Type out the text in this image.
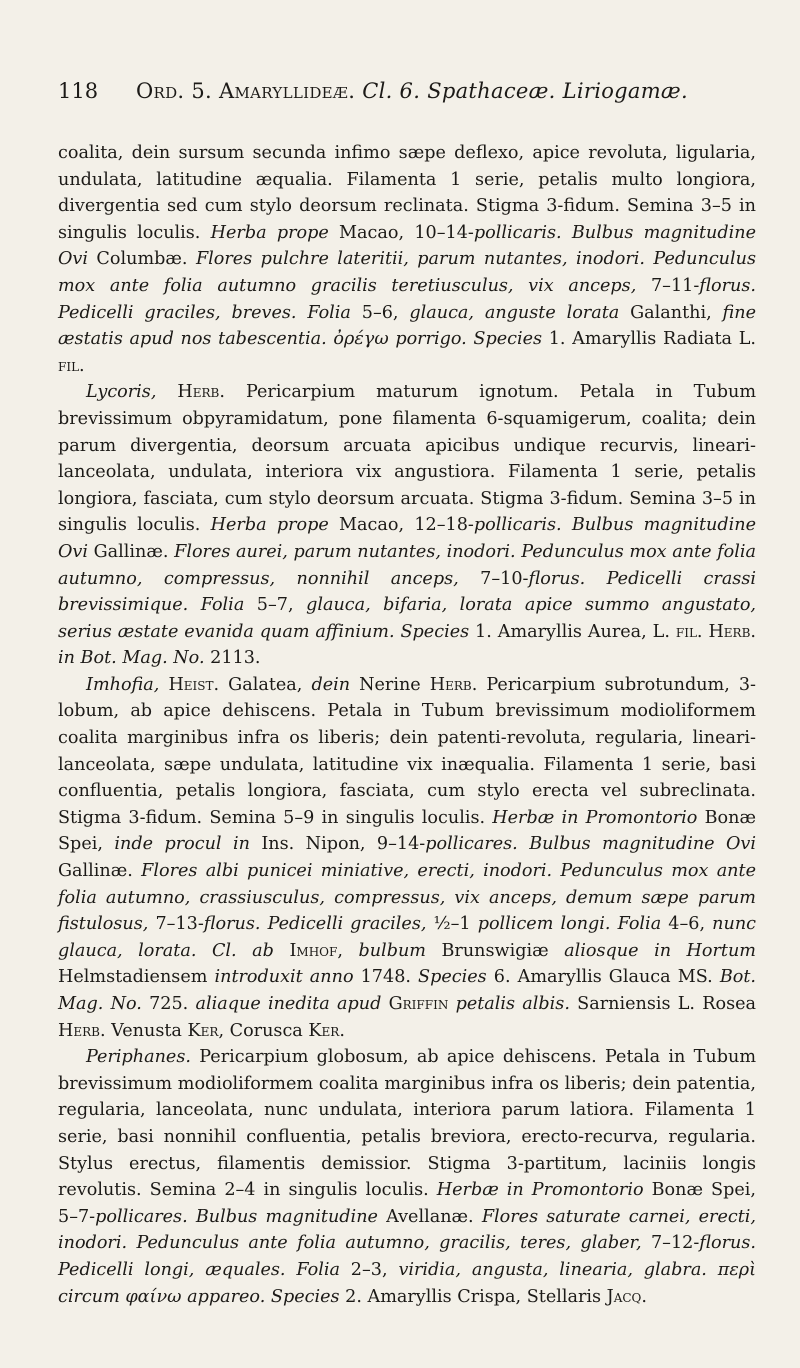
118 Ord. 5. Amaryllideæ. Cl. 6. Spathaceæ. Liriogamæ.

coalita, dein sursum secunda infimo sæpe deflexo, apice revoluta, ligularia, undulata, latitudine æqualia. Filamenta 1 serie, petalis multo longiora, divergentia sed cum stylo deorsum reclinata. Stigma 3-fidum. Semina 3–5 in singulis loculis. Herba prope Macao, 10–14-pollicaris. Bulbus magnitudine Ovi Columbæ. Flores pulchre lateritii, parum nutantes, inodori. Pedunculus mox ante folia autumno gracilis teretiusculus, vix anceps, 7–11-florus. Pedicelli graciles, breves. Folia 5–6, glauca, anguste lorata Galanthi, fine æstatis apud nos tabescentia. ὀρέγω porrigo. Species 1. Amaryllis Radiata L. fil.

Lycoris, Herb. Pericarpium maturum ignotum. Petala in Tubum brevissimum obpyramidatum, pone filamenta 6-squamigerum, coalita; dein parum divergentia, deorsum arcuata apicibus undique recurvis, lineari-lanceolata, undulata, interiora vix angustiora. Filamenta 1 serie, petalis longiora, fasciata, cum stylo deorsum arcuata. Stigma 3-fidum. Semina 3–5 in singulis loculis. Herba prope Macao, 12–18-pollicaris. Bulbus magnitudine Ovi Gallinæ. Flores aurei, parum nutantes, inodori. Pedunculus mox ante folia autumno, compressus, nonnihil anceps, 7–10-florus. Pedicelli crassi brevissimique. Folia 5–7, glauca, bifaria, lorata apice summo angustato, serius æstate evanida quam affinium. Species 1. Amaryllis Aurea, L. fil. Herb. in Bot. Mag. No. 2113.

Imhofia, Heist. Galatea, dein Nerine Herb. Pericarpium subrotundum, 3-lobum, ab apice dehiscens. Petala in Tubum brevissimum modioliformem coalita marginibus infra os liberis; dein patenti-revoluta, regularia, lineari-lanceolata, sæpe undulata, latitudine vix inæqualia. Filamenta 1 serie, basi confluentia, petalis longiora, fasciata, cum stylo erecta vel subreclinata. Stigma 3-fidum. Semina 5–9 in singulis loculis. Herbæ in Promontorio Bonæ Spei, inde procul in Ins. Nipon, 9–14-pollicares. Bulbus magnitudine Ovi Gallinæ. Flores albi punicei miniative, erecti, inodori. Pedunculus mox ante folia autumno, crassiusculus, compressus, vix anceps, demum sæpe parum fistulosus, 7–13-florus. Pedicelli graciles, ½–1 pollicem longi. Folia 4–6, nunc glauca, lorata. Cl. ab Imhof, bulbum Brunswigiæ aliosque in Hortum Helmstadiensem introduxit anno 1748. Species 6. Amaryllis Glauca MS. Bot. Mag. No. 725. aliaque inedita apud Griffin petalis albis. Sarniensis L. Rosea Herb. Venusta Ker, Corusca Ker.

Periphanes. Pericarpium globosum, ab apice dehiscens. Petala in Tubum brevissimum modioliformem coalita marginibus infra os liberis; dein patentia, regularia, lanceolata, nunc undulata, interiora parum latiora. Filamenta 1 serie, basi nonnihil confluentia, petalis breviora, erecto-recurva, regularia. Stylus erectus, filamentis demissior. Stigma 3-partitum, laciniis longis revolutis. Semina 2–4 in singulis loculis. Herbæ in Promontorio Bonæ Spei, 5–7-pollicares. Bulbus magnitudine Avellanæ. Flores saturate carnei, erecti, inodori. Pedunculus ante folia autumno, gracilis, teres, glaber, 7–12-florus. Pedicelli longi, æquales. Folia 2–3, viridia, angusta, linearia, glabra. περὶ circum φαίνω appareo. Species 2. Amaryllis Crispa, Stellaris Jacq.
